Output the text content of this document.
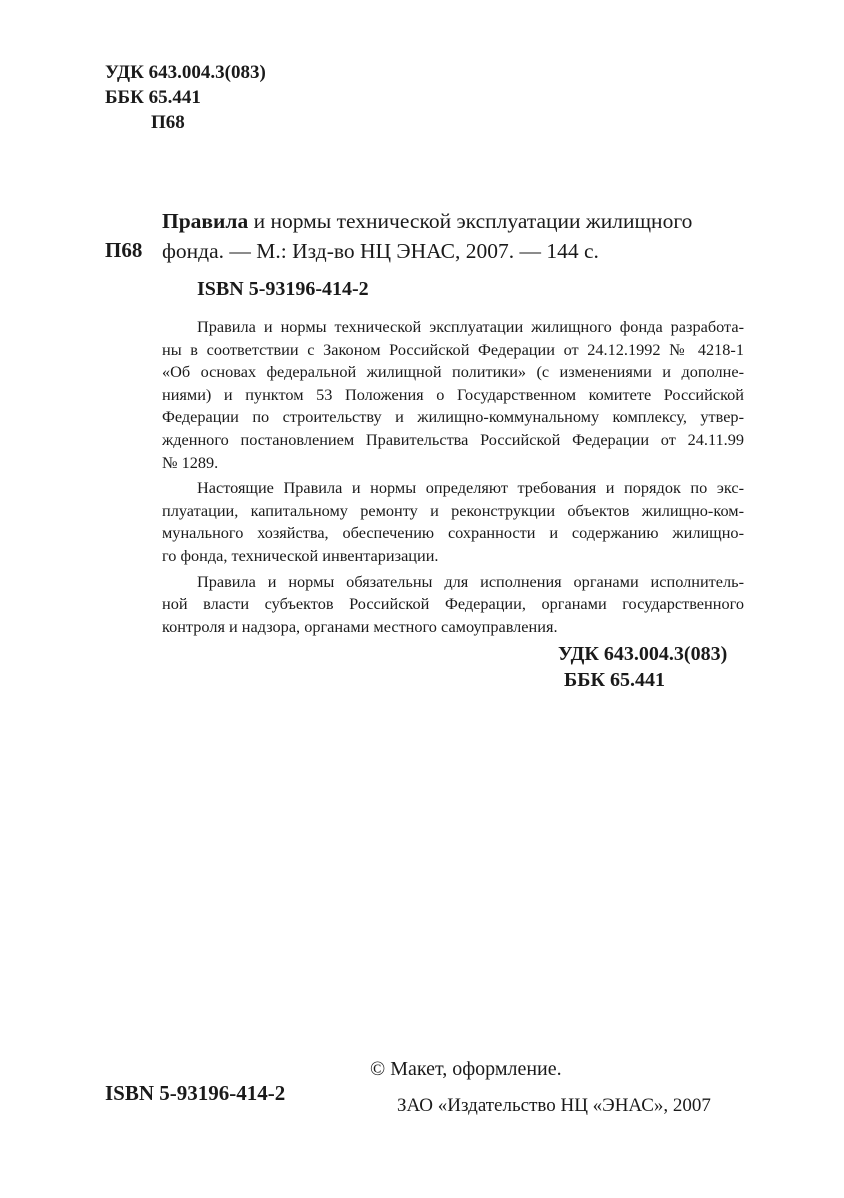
УДК 643.004.3(083)
ББК 65.441
П68
П68
Правила и нормы технической эксплуатации жилищного
фонда. — М.: Изд-во НЦ ЭНАС, 2007. — 144 с.
ISBN 5-93196-414-2
Правила и нормы технической эксплуатации жилищного фонда разработа-
ны в соответствии с Законом Российской Федерации от 24.12.1992 № 4218-1
«Об основах федеральной жилищной политики» (с изменениями и дополне-
ниями) и пунктом 53 Положения о Государственном комитете Российской
Федерации по строительству и жилищно-коммунальному комплексу, утвер-
жденного постановлением Правительства Российской Федерации от 24.11.99
№ 1289.
Настоящие Правила и нормы определяют требования и порядок по экс-
плуатации, капитальному ремонту и реконструкции объектов жилищно-ком-
мунального хозяйства, обеспечению сохранности и содержанию жилищно-
го фонда, технической инвентаризации.
Правила и нормы обязательны для исполнения органами исполнитель-
ной власти субъектов Российской Федерации, органами государственного
контроля и надзора, органами местного самоуправления.
УДК 643.004.3(083)
ББК 65.441
ISBN 5-93196-414-2
© Макет, оформление.
ЗАО «Издательство НЦ «ЭНАС», 2007
